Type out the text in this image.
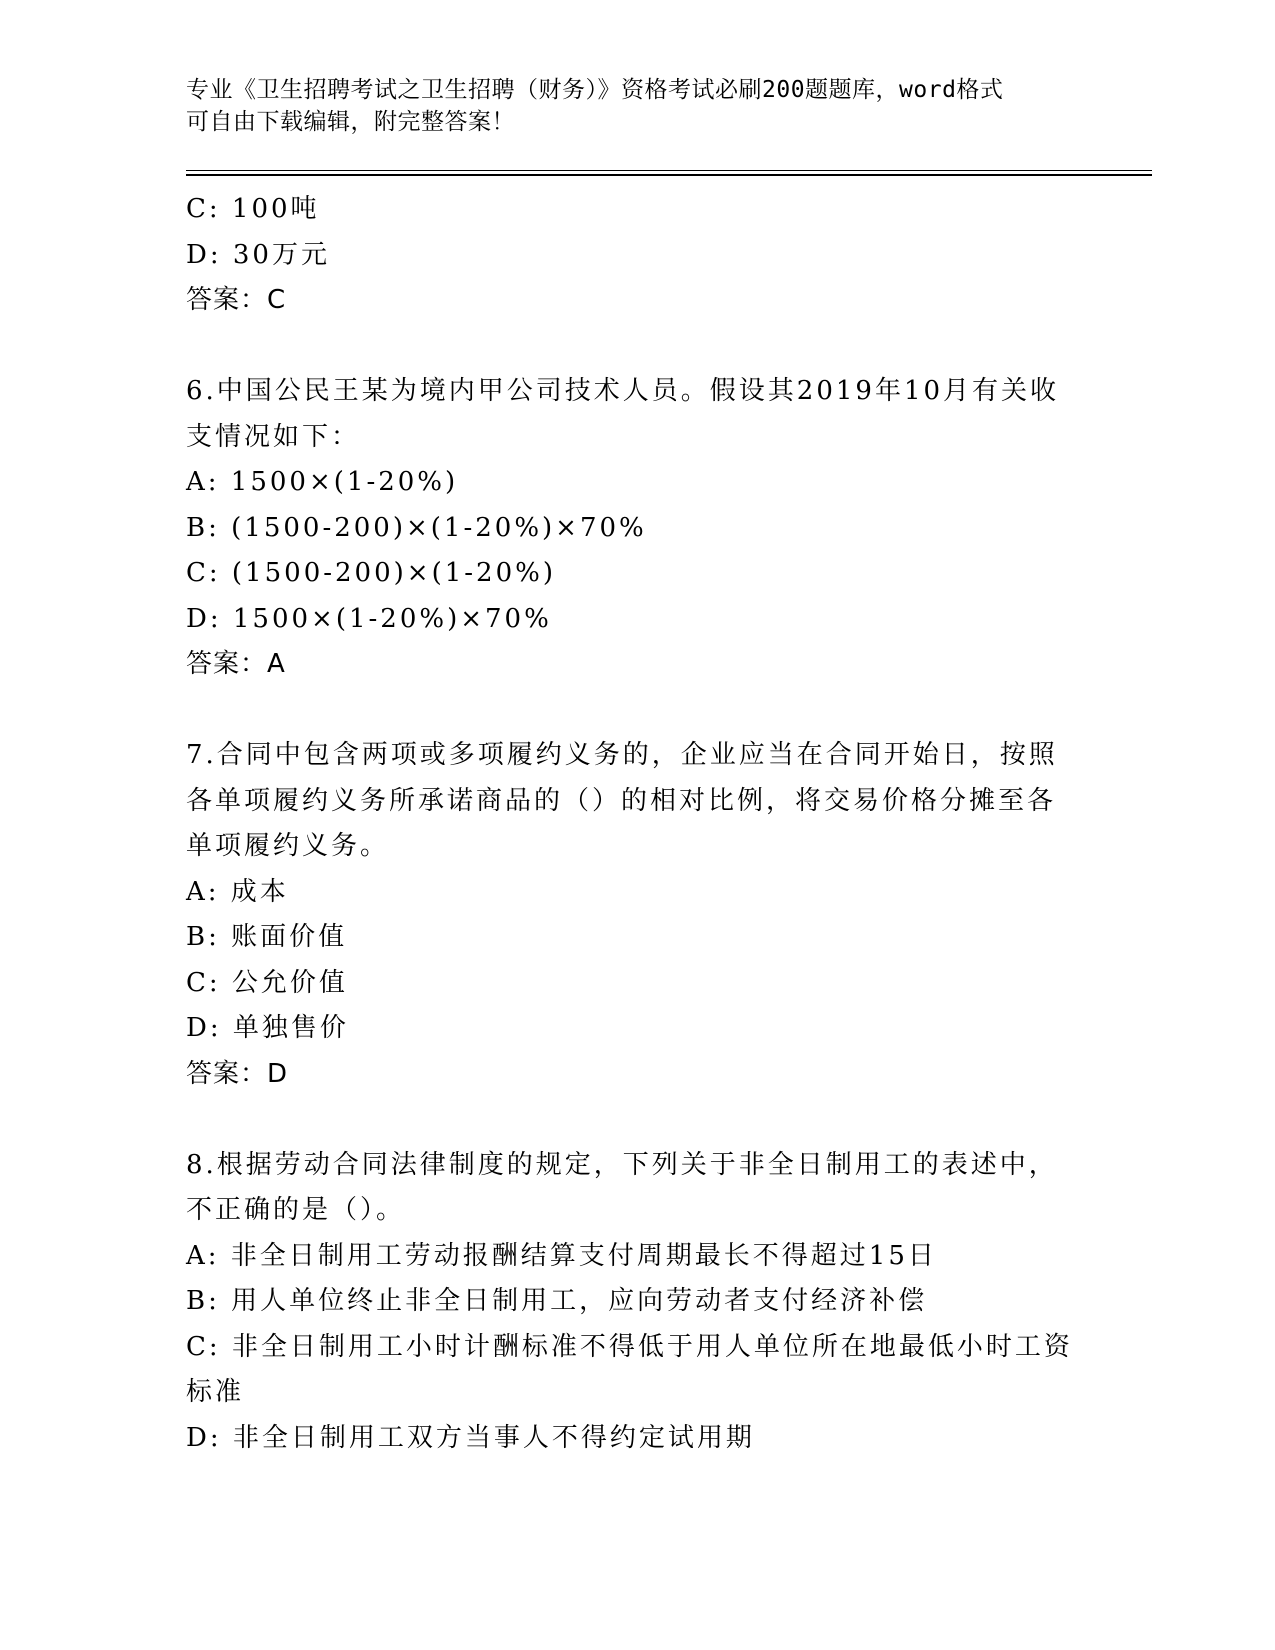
专业《卫生招聘考试之卫生招聘（财务）》资格考试必刷200题题库，word格式
可自由下载编辑，附完整答案！
C: 100吨
D: 30万元
答案：C
6.中国公民王某为境内甲公司技术人员。假设其2019年10月有关收
支情况如下：
A: 1500×(1-20%)
B: (1500-200)×(1-20%)×70%
C: (1500-200)×(1-20%)
D: 1500×(1-20%)×70%
答案：A
7.合同中包含两项或多项履约义务的，企业应当在合同开始日，按照
各单项履约义务所承诺商品的（）的相对比例，将交易价格分摊至各
单项履约义务。
A: 成本
B: 账面价值
C: 公允价值
D: 单独售价
答案：D
8.根据劳动合同法律制度的规定，下列关于非全日制用工的表述中，
不正确的是（）。
A: 非全日制用工劳动报酬结算支付周期最长不得超过15日
B: 用人单位终止非全日制用工，应向劳动者支付经济补偿
C: 非全日制用工小时计酬标准不得低于用人单位所在地最低小时工资
标准
D: 非全日制用工双方当事人不得约定试用期
